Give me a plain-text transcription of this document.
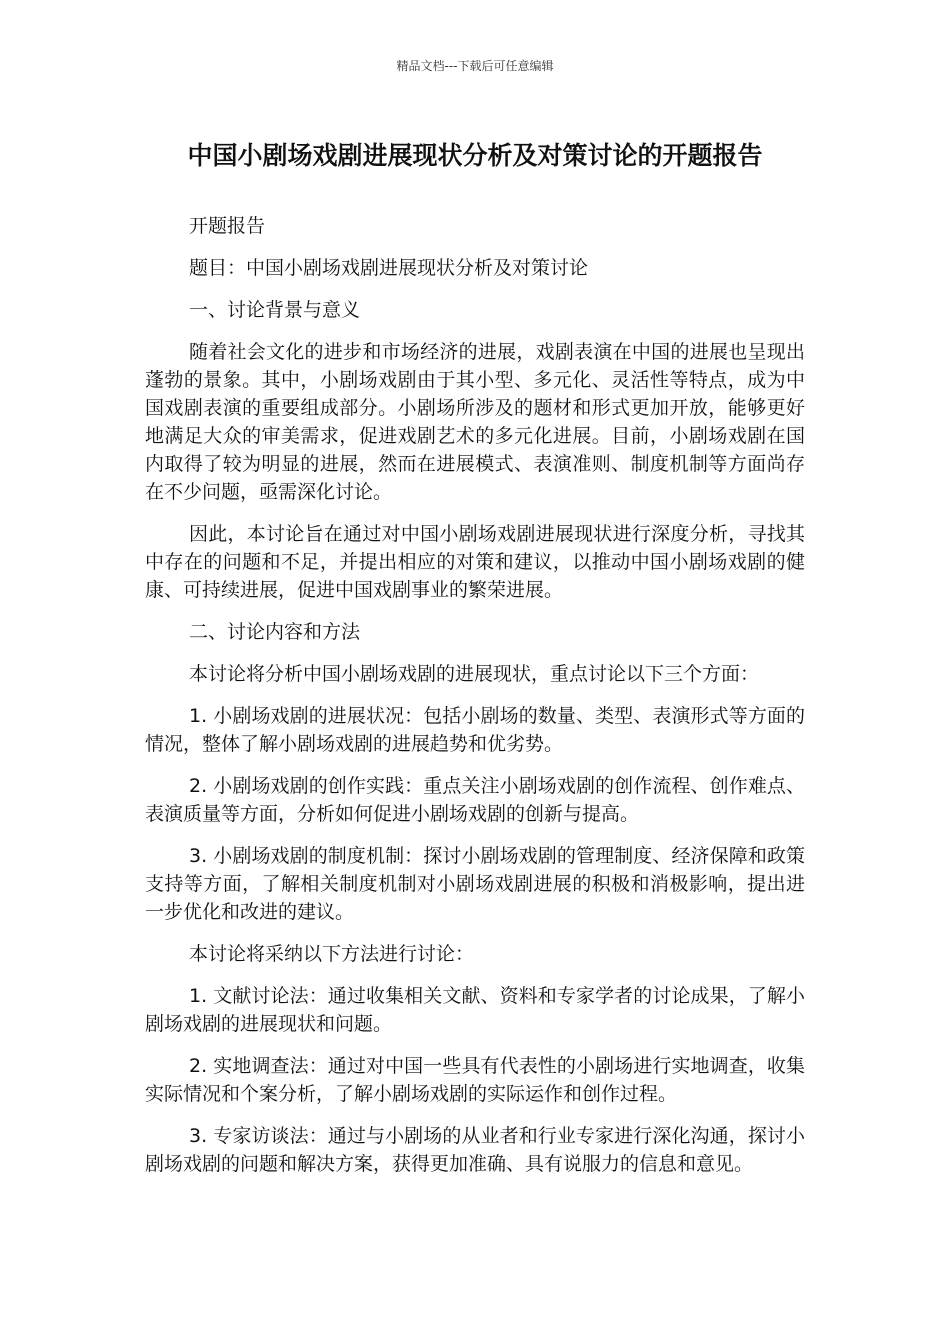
精品文档---下载后可任意编辑
中国小剧场戏剧进展现状分析及对策讨论的开题报告

开题报告

题目：中国小剧场戏剧进展现状分析及对策讨论

一、讨论背景与意义

随着社会文化的进步和市场经济的进展，戏剧表演在中国的进展也呈现出蓬勃的景象。其中，小剧场戏剧由于其小型、多元化、灵活性等特点，成为中国戏剧表演的重要组成部分。小剧场所涉及的题材和形式更加开放，能够更好地满足大众的审美需求，促进戏剧艺术的多元化进展。目前，小剧场戏剧在国内取得了较为明显的进展，然而在进展模式、表演准则、制度机制等方面尚存在不少问题，亟需深化讨论。

因此，本讨论旨在通过对中国小剧场戏剧进展现状进行深度分析，寻找其中存在的问题和不足，并提出相应的对策和建议，以推动中国小剧场戏剧的健康、可持续进展，促进中国戏剧事业的繁荣进展。

二、讨论内容和方法

本讨论将分析中国小剧场戏剧的进展现状，重点讨论以下三个方面：

1. 小剧场戏剧的进展状况：包括小剧场的数量、类型、表演形式等方面的情况，整体了解小剧场戏剧的进展趋势和优劣势。

2. 小剧场戏剧的创作实践：重点关注小剧场戏剧的创作流程、创作难点、表演质量等方面，分析如何促进小剧场戏剧的创新与提高。

3. 小剧场戏剧的制度机制：探讨小剧场戏剧的管理制度、经济保障和政策支持等方面，了解相关制度机制对小剧场戏剧进展的积极和消极影响，提出进一步优化和改进的建议。

本讨论将采纳以下方法进行讨论：

1. 文献讨论法：通过收集相关文献、资料和专家学者的讨论成果，了解小剧场戏剧的进展现状和问题。

2. 实地调查法：通过对中国一些具有代表性的小剧场进行实地调查，收集实际情况和个案分析，了解小剧场戏剧的实际运作和创作过程。

3. 专家访谈法：通过与小剧场的从业者和行业专家进行深化沟通，探讨小剧场戏剧的问题和解决方案，获得更加准确、具有说服力的信息和意见。
